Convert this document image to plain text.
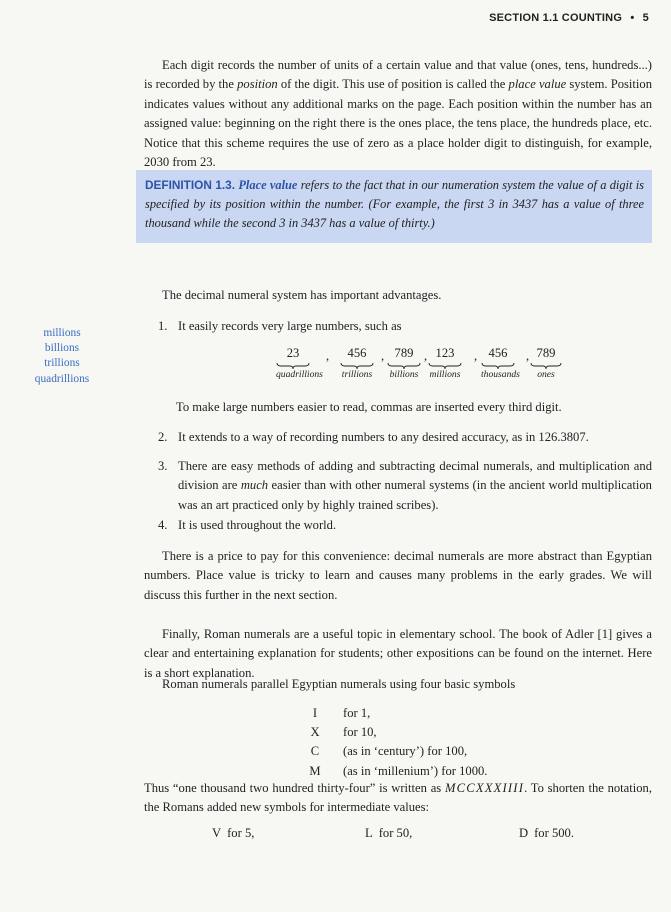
SECTION 1.1 COUNTING • 5

Each digit records the number of units of a certain value and that value (ones, tens, hundreds...) is recorded by the position of the digit. This use of position is called the place value system. Position indicates values without any additional marks on the page. Each position within the number has an assigned value: beginning on the right there is the ones place, the tens place, the hundreds place, etc. Notice that this scheme requires the use of zero as a place holder digit to distinguish, for example, 2030 from 23.

DEFINITION 1.3. Place value refers to the fact that in our numeration system the value of a digit is specified by its position within the number. (For example, the first 3 in 3437 has a value of three thousand while the second 3 in 3437 has a value of thirty.)

The decimal numeral system has important advantages.

millions
billions
trillions
quadrillions

1. It easily records very large numbers, such as

23
quadrillions
,	456
trillions
, 789
billions
, 123
millions
, 456
thousands
, 789
ones

To make large numbers easier to read, commas are inserted every third digit.

2. It extends to a way of recording numbers to any desired accuracy, as in 126.3807.

3. There are easy methods of adding and subtracting decimal numerals, and multiplication and division are much easier than with other numeral systems (in the ancient world multiplication was an art practiced only by highly trained scribes).

4. It is used throughout the world.

There is a price to pay for this convenience: decimal numerals are more abstract than Egyptian numbers. Place value is tricky to learn and causes many problems in the early grades. We will discuss this further in the next section.

Finally, Roman numerals are a useful topic in elementary school. The book of Adler [1] gives a clear and entertaining explanation for students; other expositions can be found on the internet. Here is a short explanation.

Roman numerals parallel Egyptian numerals using four basic symbols

I	for 1,
X	for 10,
C	(as in ‘century’) for 100,
M	(as in ‘millenium’) for 1000.

Thus “one thousand two hundred thirty-four” is written as MCCXXXIIII. To shorten the notation, the Romans added new symbols for intermediate values:

V for 5,	L for 50,	D for 500.
